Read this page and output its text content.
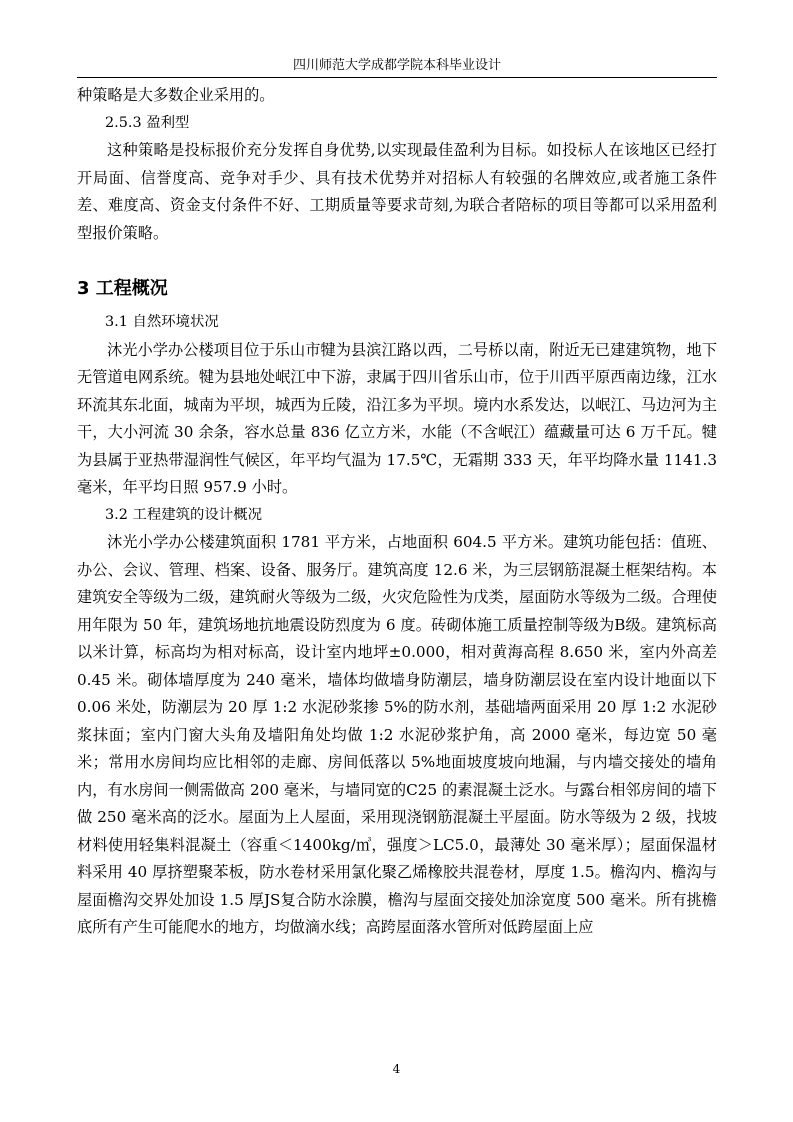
四川师范大学成都学院本科毕业设计

种策略是大多数企业采用的。

2.5.3 盈利型

这种策略是投标报价充分发挥自身优势,以实现最佳盈利为目标。如投标人在该地区已经打开局面、信誉度高、竞争对手少、具有技术优势并对招标人有较强的名牌效应,或者施工条件差、难度高、资金支付条件不好、工期质量等要求苛刻,为联合者陪标的项目等都可以采用盈利型报价策略。

3 工程概况

3.1 自然环境状况

沐光小学办公楼项目位于乐山市犍为县滨江路以西，二号桥以南，附近无已建建筑物，地下无管道电网系统。犍为县地处岷江中下游，隶属于四川省乐山市，位于川西平原西南边缘，江水环流其东北面，城南为平坝，城西为丘陵，沿江多为平坝。境内水系发达，以岷江、马边河为主干，大小河流 30 余条，容水总量 836 亿立方米，水能（不含岷江）蕴藏量可达 6 万千瓦。犍为县属于亚热带湿润性气候区，年平均气温为 17.5℃，无霜期 333 天，年平均降水量 1141.3 毫米，年平均日照 957.9 小时。

3.2 工程建筑的设计概况

沐光小学办公楼建筑面积 1781 平方米，占地面积 604.5 平方米。建筑功能包括：值班、办公、会议、管理、档案、设备、服务厅。建筑高度 12.6 米，为三层钢筋混凝土框架结构。本建筑安全等级为二级，建筑耐火等级为二级，火灾危险性为戊类，屋面防水等级为二级。合理使用年限为 50 年，建筑场地抗地震设防烈度为 6 度。砖砌体施工质量控制等级为B级。建筑标高以米计算，标高均为相对标高，设计室内地坪±0.000，相对黄海高程 8.650 米，室内外高差 0.45 米。砌体墙厚度为 240 毫米，墙体均做墙身防潮层，墙身防潮层设在室内设计地面以下 0.06 米处，防潮层为 20 厚 1:2 水泥砂浆掺 5%的防水剂，基础墙两面采用 20 厚 1:2 水泥砂浆抹面；室内门窗大头角及墙阳角处均做 1:2 水泥砂浆护角，高 2000 毫米，每边宽 50 毫米；常用水房间均应比相邻的走廊、房间低落以 5%地面坡度坡向地漏，与内墙交接处的墙角内，有水房间一侧需做高 200 毫米，与墙同宽的C25 的素混凝土泛水。与露台相邻房间的墙下做 250 毫米高的泛水。屋面为上人屋面，采用现浇钢筋混凝土平屋面。防水等级为 2 级，找坡材料使用轻集料混凝土（容重＜1400kg/㎥，强度＞LC5.0，最薄处 30 毫米厚）；屋面保温材料采用 40 厚挤塑聚苯板，防水卷材采用氯化聚乙烯橡胶共混卷材，厚度 1.5。檐沟内、檐沟与屋面檐沟交界处加设 1.5 厚JS复合防水涂膜，檐沟与屋面交接处加涂宽度 500 毫米。所有挑檐底所有产生可能爬水的地方，均做滴水线；高跨屋面落水管所对低跨屋面上应

4
